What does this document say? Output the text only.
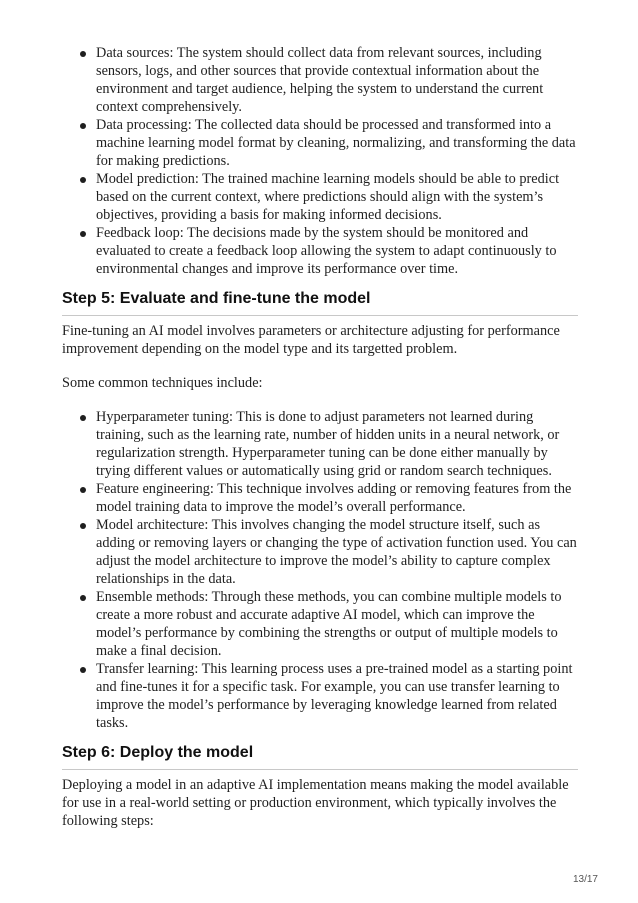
Data sources: The system should collect data from relevant sources, including sensors, logs, and other sources that provide contextual information about the environment and target audience, helping the system to understand the current context comprehensively.
Data processing: The collected data should be processed and transformed into a machine learning model format by cleaning, normalizing, and transforming the data for making predictions.
Model prediction: The trained machine learning models should be able to predict based on the current context, where predictions should align with the system’s objectives, providing a basis for making informed decisions.
Feedback loop: The decisions made by the system should be monitored and evaluated to create a feedback loop allowing the system to adapt continuously to environmental changes and improve its performance over time.
Step 5: Evaluate and fine-tune the model

Fine-tuning an AI model involves parameters or architecture adjusting for performance improvement depending on the model type and its targetted problem.

Some common techniques include:

Hyperparameter tuning: This is done to adjust parameters not learned during training, such as the learning rate, number of hidden units in a neural network, or regularization strength. Hyperparameter tuning can be done either manually by trying different values or automatically using grid or random search techniques.
Feature engineering: This technique involves adding or removing features from the model training data to improve the model’s overall performance.
Model architecture: This involves changing the model structure itself, such as adding or removing layers or changing the type of activation function used. You can adjust the model architecture to improve the model’s ability to capture complex relationships in the data.
Ensemble methods: Through these methods, you can combine multiple models to create a more robust and accurate adaptive AI model, which can improve the model’s performance by combining the strengths or output of multiple models to make a final decision.
Transfer learning: This learning process uses a pre-trained model as a starting point and fine-tunes it for a specific task. For example, you can use transfer learning to improve the model’s performance by leveraging knowledge learned from related tasks.
Step 6: Deploy the model

Deploying a model in an adaptive AI implementation means making the model available for use in a real-world setting or production environment, which typically involves the following steps:

13/17
